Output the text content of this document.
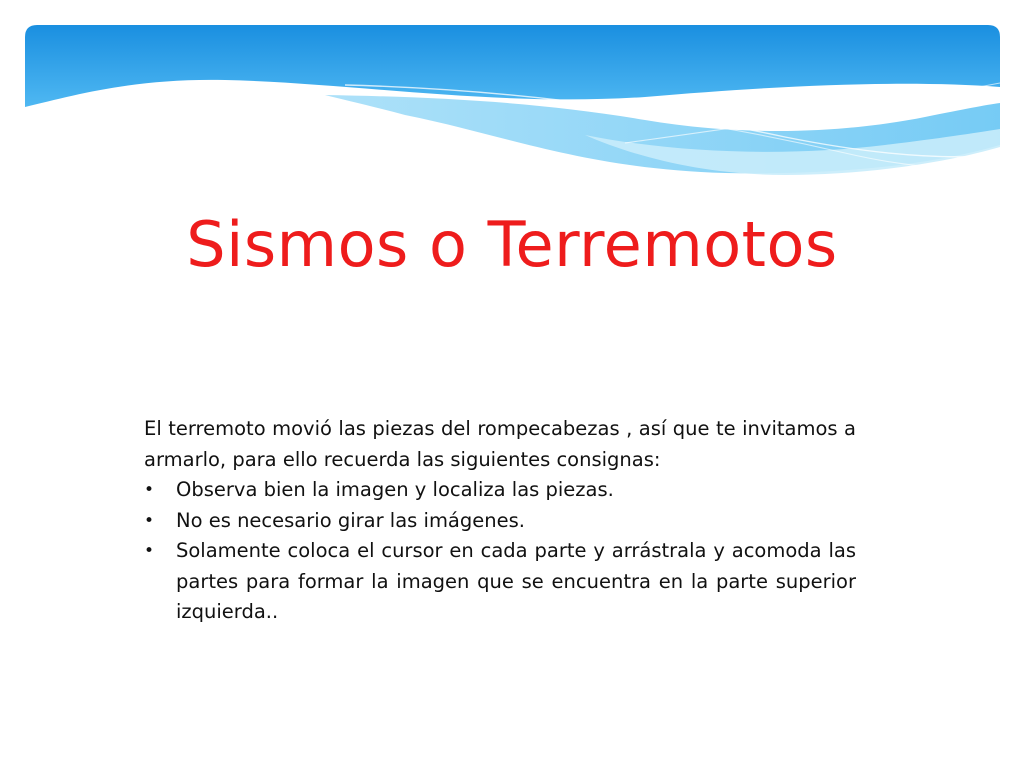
Sismos o Terremotos

El terremoto movió las piezas del rompecabezas , así que te invitamos a armarlo, para ello recuerda las siguientes consignas:

•	Observa bien la imagen y localiza las piezas.
•	No es necesario girar las imágenes.
•	Solamente coloca el cursor en cada parte y arrástrala y acomoda las partes para formar la imagen que se encuentra en la parte superior izquierda..
